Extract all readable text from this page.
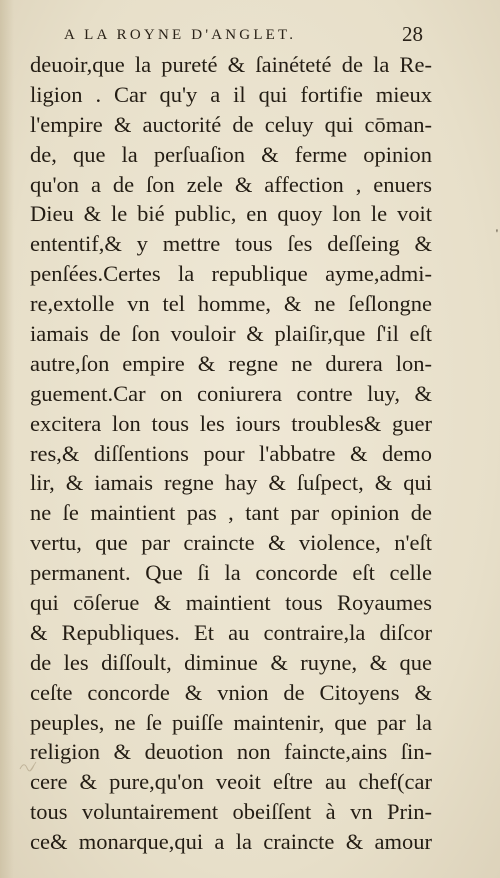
A LA ROYNE D'ANGLET.	28
deuoir,que la pureté & ſainéteté de la Re-
ligion . Car qu'y a il qui fortifie mieux
l'empire & auctorité de celuy qui cōman-
de, que la perſuaſion & ferme opinion
qu'on a de ſon zele & affection , enuers
Dieu & le bié public, en quoy lon le voit
ententif,& y mettre tous ſes deſſeing &
penſées.Certes la republique ayme,admi-
re,extolle vn tel homme, & ne ſeſlongne
iamais de ſon vouloir & plaiſir,que ſ'il eſt
autre,ſon empire & regne ne durera lon-
guement.Car on coniurera contre luy, &
excitera lon tous les iours troubles& guer
res,& diſſentions pour l'abbatre & demo
lir, & iamais regne hay & ſuſpect, & qui
ne ſe maintient pas , tant par opinion de
vertu, que par craincte & violence, n'eſt
permanent. Que ſi la concorde eſt celle
qui cōſerue & maintient tous Royaumes
& Republiques. Et au contraire,la diſcor
de les diſſoult, diminue & ruyne, & que
ceſte concorde & vnion de Citoyens &
peuples, ne ſe puiſſe maintenir, que par la
religion & deuotion non faincte,ains ſin-
cere & pure,qu'on veoit eſtre au chef(car
tous voluntairement obeiſſent à vn Prin-
ce& monarque,qui a la craincte & amour
'
